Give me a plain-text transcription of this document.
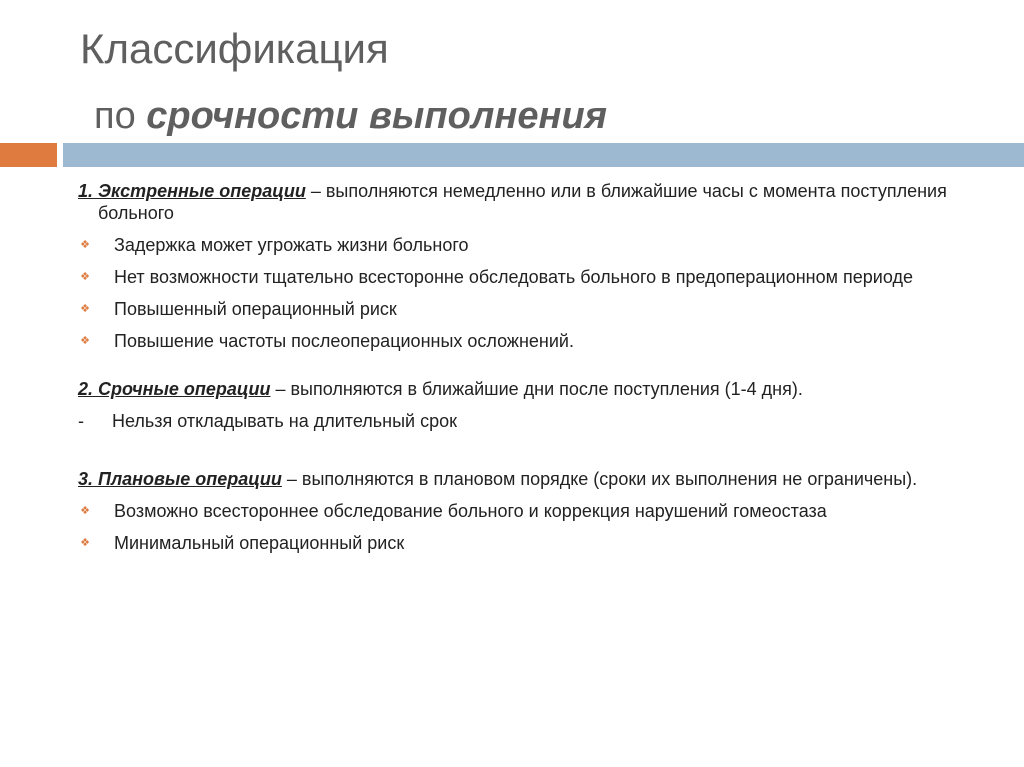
Классификация
по срочности выполнения

1. Экстренные операции – выполняются немедленно или в ближайшие часы с момента поступления больного

❖ Задержка может угрожать жизни больного
❖ Нет возможности тщательно всесторонне обследовать больного в предоперационном периоде
❖ Повышенный операционный риск
❖ Повышение частоты послеоперационных осложнений.

2. Срочные операции – выполняются в ближайшие дни после поступления (1-4 дня).

- Нельзя откладывать на длительный срок

3. Плановые операции – выполняются в плановом порядке (сроки их выполнения не ограничены).

❖ Возможно всестороннее обследование больного и коррекция нарушений гомеостаза
❖ Минимальный операционный риск
